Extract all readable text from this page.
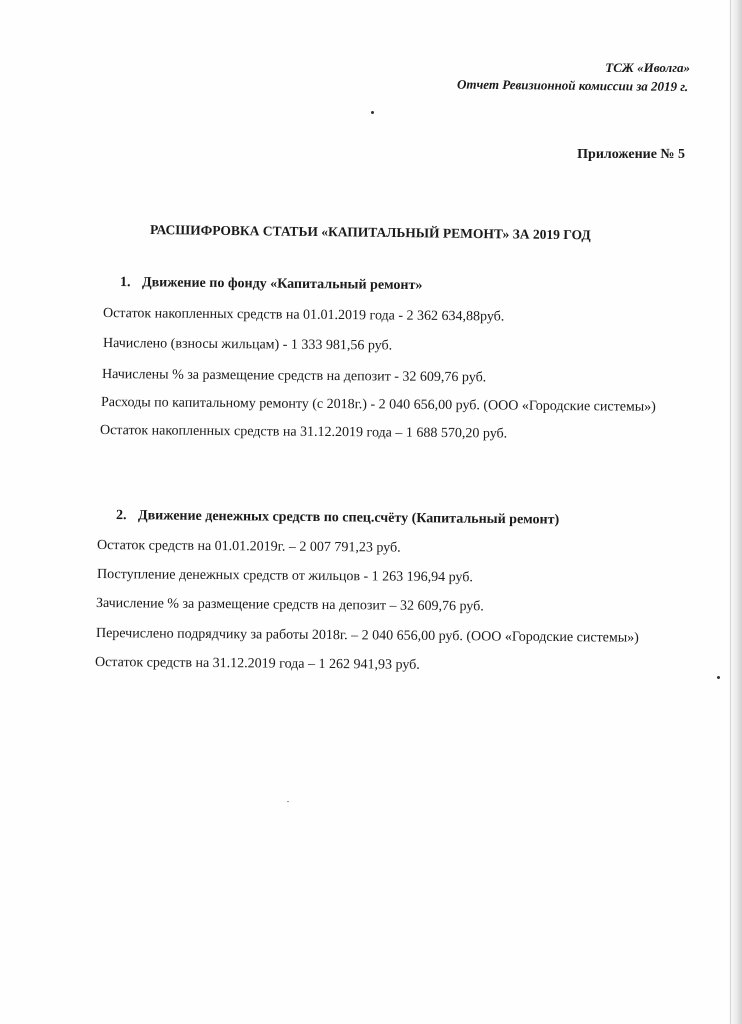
ТСЖ «Иволга»
Отчет Ревизионной комиссии за 2019 г.
Приложение № 5
РАСШИФРОВКА СТАТЬИ «КАПИТАЛЬНЫЙ РЕМОНТ» ЗА 2019 ГОД
1. Движение по фонду «Капитальный ремонт»
Остаток накопленных средств на 01.01.2019 года - 2 362 634,88руб.
Начислено (взносы жильцам) - 1 333 981,56 руб.
Начислены % за размещение средств на депозит - 32 609,76 руб.
Расходы по капитальному ремонту (с 2018г.) - 2 040 656,00 руб. (ООО «Городские системы»)
Остаток накопленных средств на 31.12.2019 года – 1 688 570,20 руб.
2. Движение денежных средств по спец.счёту (Капитальный ремонт)
Остаток средств на 01.01.2019г. – 2 007 791,23 руб.
Поступление денежных средств от жильцов - 1 263 196,94 руб.
Зачисление % за размещение средств на депозит – 32 609,76 руб.
Перечислено подрядчику за работы 2018г. – 2 040 656,00 руб. (ООО «Городские системы»)
Остаток средств на 31.12.2019 года – 1 262 941,93 руб.
